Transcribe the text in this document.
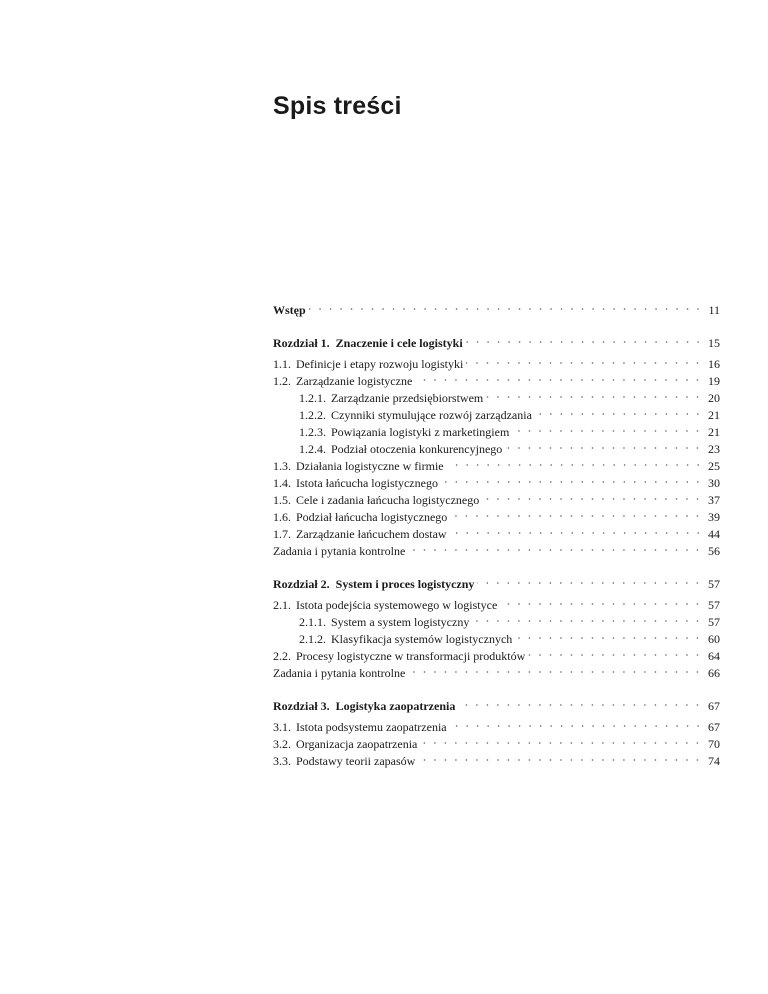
Spis treści
Wstęp	11
Rozdział 1. Znaczenie i cele logistyki	15
1.1. Definicje i etapy rozwoju logistyki	16
1.2. Zarządzanie logistyczne	19
1.2.1. Zarządzanie przedsiębiorstwem	20
1.2.2. Czynniki stymulujące rozwój zarządzania	21
1.2.3. Powiązania logistyki z marketingiem	21
1.2.4. Podział otoczenia konkurencyjnego	23
1.3. Działania logistyczne w firmie	25
1.4. Istota łańcucha logistycznego	30
1.5. Cele i zadania łańcucha logistycznego	37
1.6. Podział łańcucha logistycznego	39
1.7. Zarządzanie łańcuchem dostaw	44
Zadania i pytania kontrolne	56
Rozdział 2. System i proces logistyczny	57
2.1. Istota podejścia systemowego w logistyce	57
2.1.1. System a system logistyczny	57
2.1.2. Klasyfikacja systemów logistycznych	60
2.2. Procesy logistyczne w transformacji produktów	64
Zadania i pytania kontrolne	66
Rozdział 3. Logistyka zaopatrzenia	67
3.1. Istota podsystemu zaopatrzenia	67
3.2. Organizacja zaopatrzenia	70
3.3. Podstawy teorii zapasów	74
